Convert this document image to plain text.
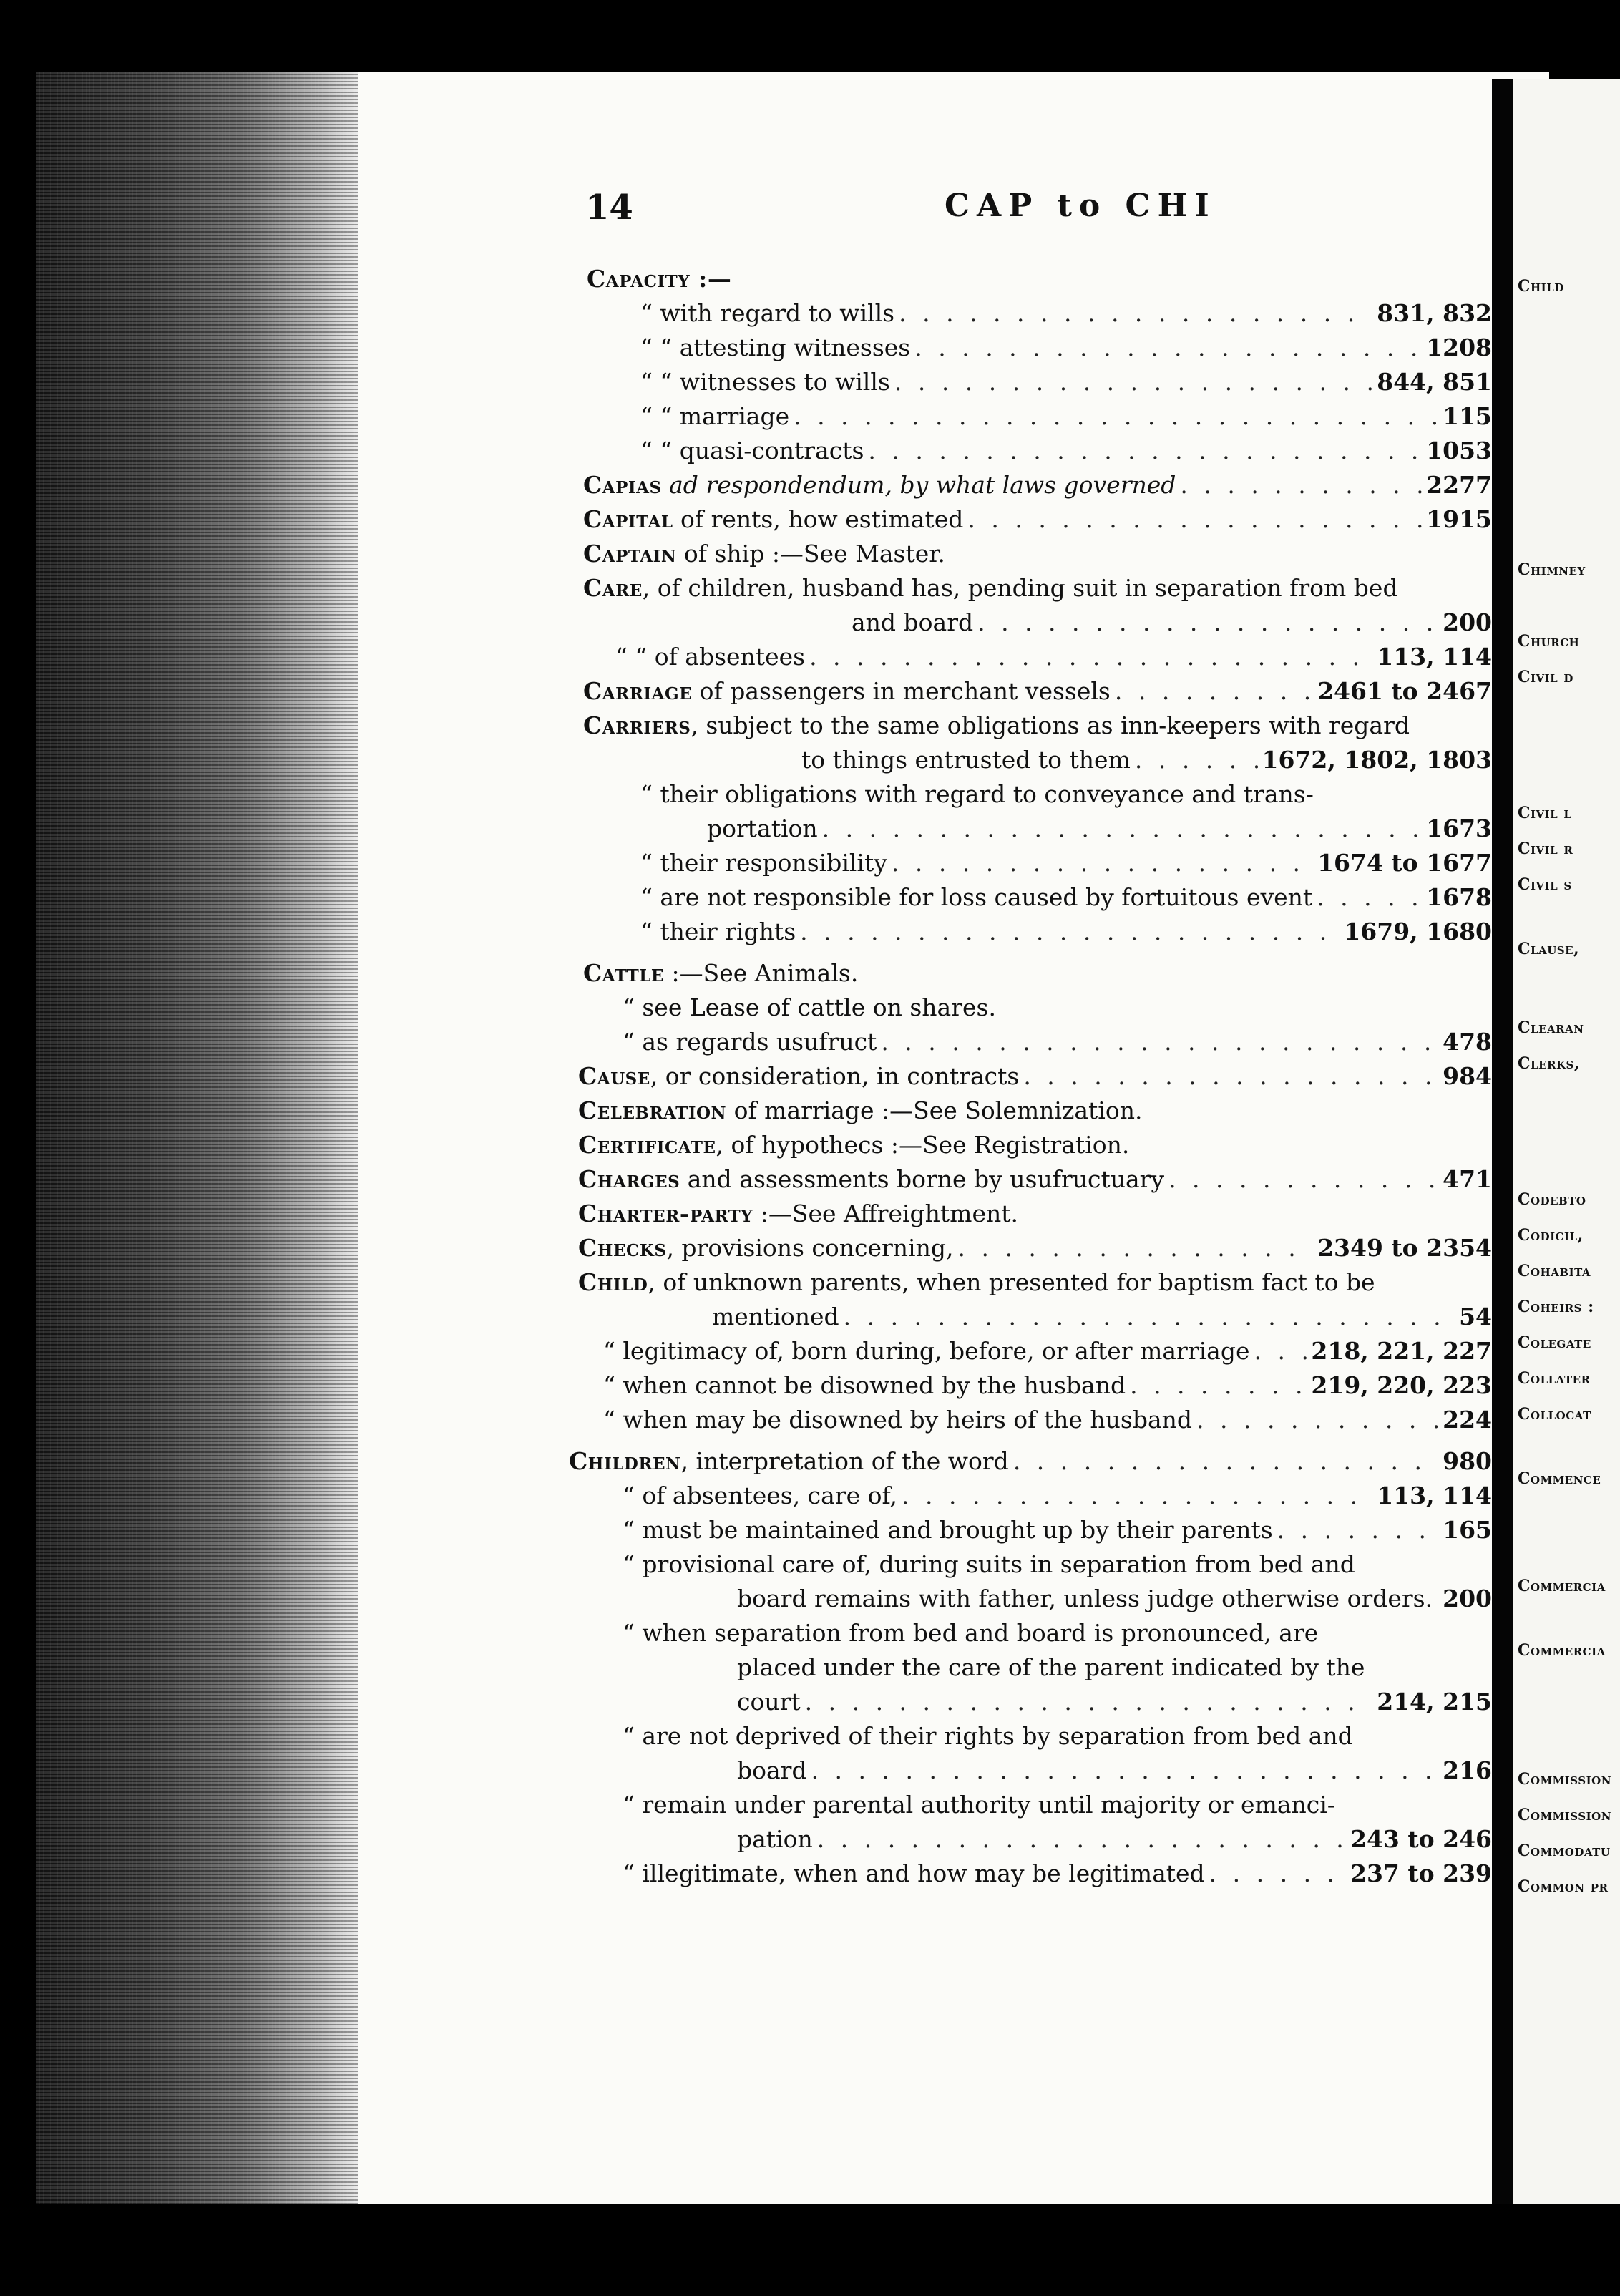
Child
Chimney
Church
Civil d
Civil l
Civil r
Civil s
Clause,
Clearan
Clerks,
Codebto
Codicil,
Cohabita
Coheirs :
Colegate
Collater
Collocat
Commence
Commercia
Commercia
Commission
Commission
Commodatu
Common pr
14	CAP to CHI
Capacity :—
“ with regard to wills . . .	831, 832
“ “ attesting witnesses . . .	1208
“ “ witnesses to wills . . .	844, 851
“ “ marriage . . .	115
“ “ quasi-contracts . . .	1053
Capias
ad respondendum, by what laws governed . . .	2277
Capital
of rents, how estimated . . .	1915
Captain
of ship :—See Master.
Care , of children, husband has, pending suit in separation from bed
and board . . .	200
“ “ of absentees . . .	113, 114
Carriage
of passengers in merchant vessels . . .	2461 to 2467
Carriers , subject to the same obligations as inn-keepers with regard
to things entrusted to them . . .	1672, 1802, 1803
“ their obligations with regard to conveyance and trans-
portation . . .	1673
“ their responsibility . . .	1674 to 1677
“ are not responsible for loss caused by fortuitous event . . .	1678
“ their rights . . .	1679, 1680
Cattle
:—See Animals.
“ see Lease of cattle on shares.
“ as regards usufruct . . .	478
Cause , or consideration, in contracts . . .	984
Celebration
of marriage :—See Solemnization.
Certificate , of hypothecs :—See Registration.
Charges
and assessments borne by usufructuary . . .	471
Charter-party
:—See Affreightment.
Checks , provisions concerning, . . .	2349 to 2354
Child , of unknown parents, when presented for baptism fact to be
mentioned . . .	54
“ legitimacy of, born during, before, or after marriage . . .	218, 221, 227
“ when cannot be disowned by the husband . . .	219, 220, 223
“ when may be disowned by heirs of the husband . . .	224
Children , interpretation of the word . . .	980
“ of absentees, care of, . . .	113, 114
“ must be maintained and brought up by their parents . . .	165
“ provisional care of, during suits in separation from bed and
board remains with father, unless judge otherwise orders. . . . 200
“ when separation from bed and board is pronounced, are
placed under the care of the parent indicated by the
court . . .	214, 215
“ are not deprived of their rights by separation from bed and
board . . .	216
“ remain under parental authority until majority or emanci-
pation . . .	243 to 246
“ illegitimate, when and how may be legitimated . . .	237 to 239
